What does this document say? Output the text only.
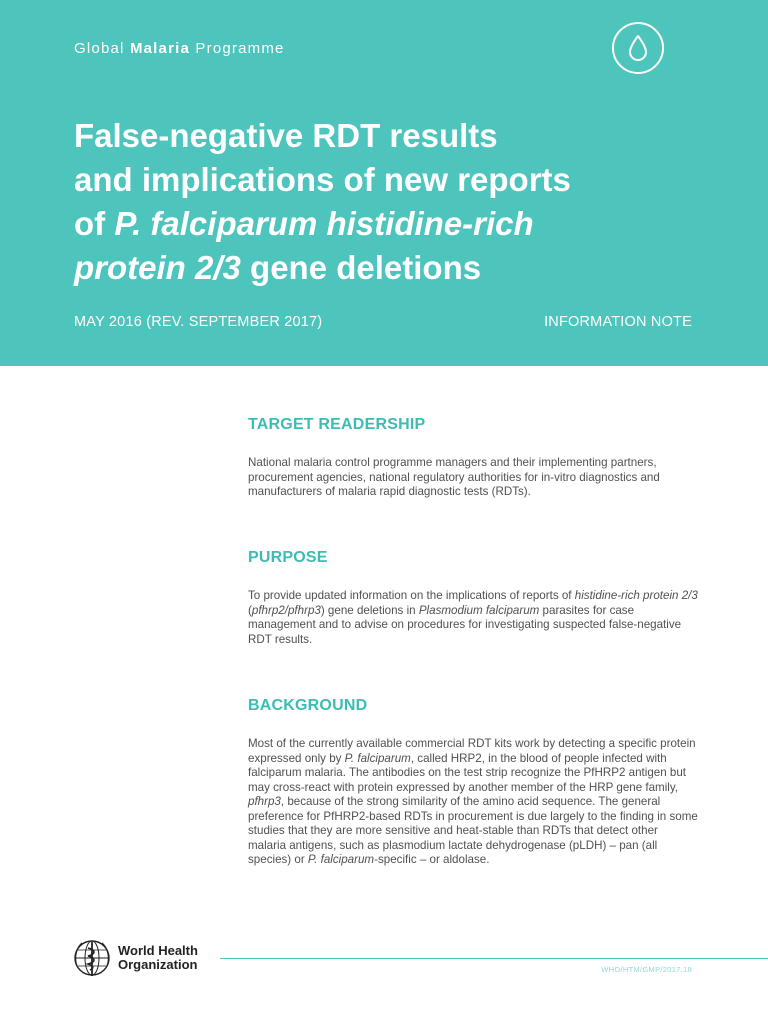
Global Malaria Programme
False-negative RDT results
and implications of new reports
of P. falciparum histidine-rich
protein 2/3 gene deletions
MAY 2016 (REV. SEPTEMBER 2017)	INFORMATION NOTE
TARGET READERSHIP

National malaria control programme managers and their implementing partners, procurement agencies, national regulatory authorities for in-vitro diagnostics and manufacturers of malaria rapid diagnostic tests (RDTs).

PURPOSE

To provide updated information on the implications of reports of histidine-rich protein 2/3 (pfhrp2/pfhrp3) gene deletions in Plasmodium falciparum parasites for case management and to advise on procedures for investigating suspected false-negative RDT results.

BACKGROUND

Most of the currently available commercial RDT kits work by detecting a specific protein expressed only by P. falciparum, called HRP2, in the blood of people infected with falciparum malaria. The antibodies on the test strip recognize the PfHRP2 antigen but may cross-react with protein expressed by another member of the HRP gene family, pfhrp3, because of the strong similarity of the amino acid sequence. The general preference for PfHRP2-based RDTs in procurement is due largely to the finding in some studies that they are more sensitive and heat-stable than RDTs that detect other malaria antigens, such as plasmodium lactate dehydrogenase (pLDH) – pan (all species) or P. falciparum-specific – or aldolase.

World Health
Organization	WHO/HTM/GMP/2017.18
